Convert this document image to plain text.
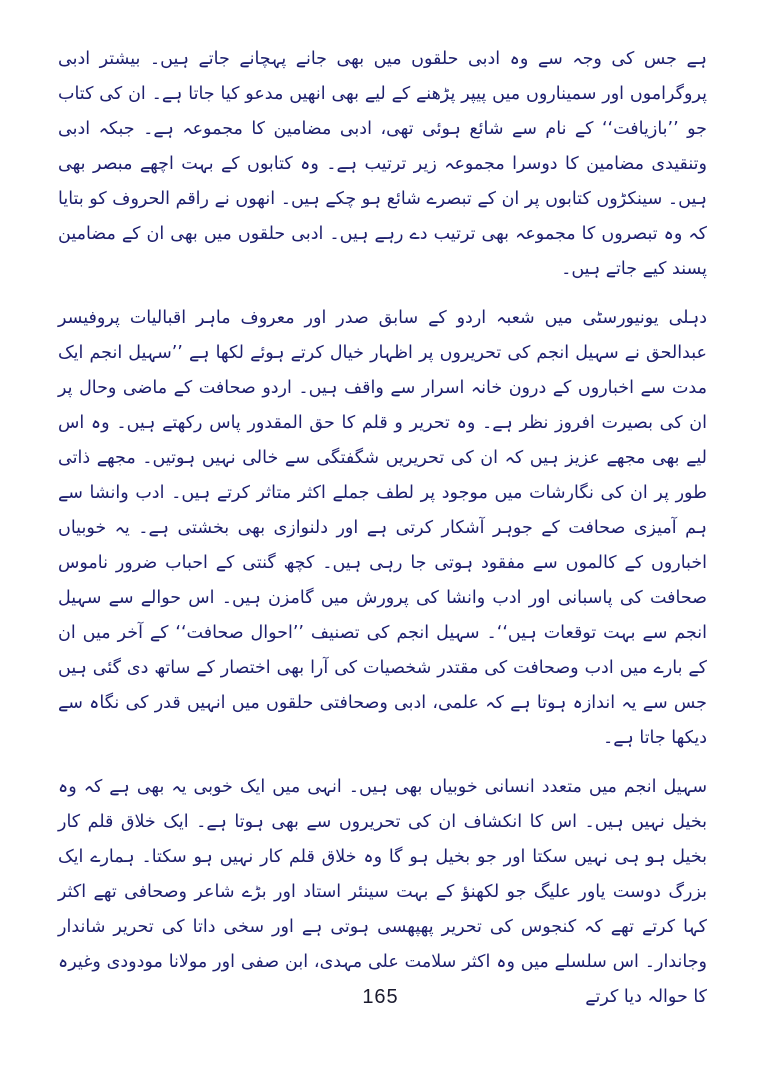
ہے جس کی وجہ سے وہ ادبی حلقوں میں بھی جانے پہچانے جاتے ہیں۔ بیشتر ادبی پروگراموں اور سمیناروں میں پیپر پڑھنے کے لیے بھی انھیں مدعو کیا جاتا ہے۔ ان کی کتاب جو ’’بازیافت‘‘ کے نام سے شائع ہوئی تھی، ادبی مضامین کا مجموعہ ہے۔ جبکہ ادبی وتنقیدی مضامین کا دوسرا مجموعہ زیر ترتیب ہے۔ وہ کتابوں کے بہت اچھے مبصر بھی ہیں۔ سینکڑوں کتابوں پر ان کے تبصرے شائع ہو چکے ہیں۔ انھوں نے راقم الحروف کو بتایا کہ وہ تبصروں کا مجموعہ بھی ترتیب دے رہے ہیں۔ ادبی حلقوں میں بھی ان کے مضامین پسند کیے جاتے ہیں۔

دہلی یونیورسٹی میں شعبہ اردو کے سابق صدر اور معروف ماہر اقبالیات پروفیسر عبدالحق نے سہیل انجم کی تحریروں پر اظہار خیال کرتے ہوئے لکھا ہے ’’سہیل انجم ایک مدت سے اخباروں کے درون خانہ اسرار سے واقف ہیں۔ اردو صحافت کے ماضی وحال پر ان کی بصیرت افروز نظر ہے۔ وہ تحریر و قلم کا حق المقدور پاس رکھتے ہیں۔ وہ اس لیے بھی مجھے عزیز ہیں کہ ان کی تحریریں شگفتگی سے خالی نہیں ہوتیں۔ مجھے ذاتی طور پر ان کی نگارشات میں موجود پر لطف جملے اکثر متاثر کرتے ہیں۔ ادب وانشا سے ہم آمیزی صحافت کے جوہر آشکار کرتی ہے اور دلنوازی بھی بخشتی ہے۔ یہ خوبیاں اخباروں کے کالموں سے مفقود ہوتی جا رہی ہیں۔ کچھ گنتی کے احباب ضرور ناموس صحافت کی پاسبانی اور ادب وانشا کی پرورش میں گامزن ہیں۔ اس حوالے سے سہیل انجم سے بہت توقعات ہیں‘‘۔ سہیل انجم کی تصنیف ’’احوال صحافت‘‘ کے آخر میں ان کے بارے میں ادب وصحافت کی مقتدر شخصیات کی آرا بھی اختصار کے ساتھ دی گئی ہیں جس سے یہ اندازہ ہوتا ہے کہ علمی، ادبی وصحافتی حلقوں میں انہیں قدر کی نگاہ سے دیکھا جاتا ہے۔

سہیل انجم میں متعدد انسانی خوبیاں بھی ہیں۔ انہی میں ایک خوبی یہ بھی ہے کہ وہ بخیل نہیں ہیں۔ اس کا انکشاف ان کی تحریروں سے بھی ہوتا ہے۔ ایک خلاق قلم کار بخیل ہو ہی نہیں سکتا اور جو بخیل ہو گا وہ خلاق قلم کار نہیں ہو سکتا۔ ہمارے ایک بزرگ دوست یاور علیگ جو لکھنؤ کے بہت سینئر استاد اور بڑے شاعر وصحافی تھے اکثر کہا کرتے تھے کہ کنجوس کی تحریر پھپھسی ہوتی ہے اور سخی داتا کی تحریر شاندار وجاندار۔ اس سلسلے میں وہ اکثر سلامت علی مہدی، ابن صفی اور مولانا مودودی وغیرہ کا حوالہ دیا کرتے

165
